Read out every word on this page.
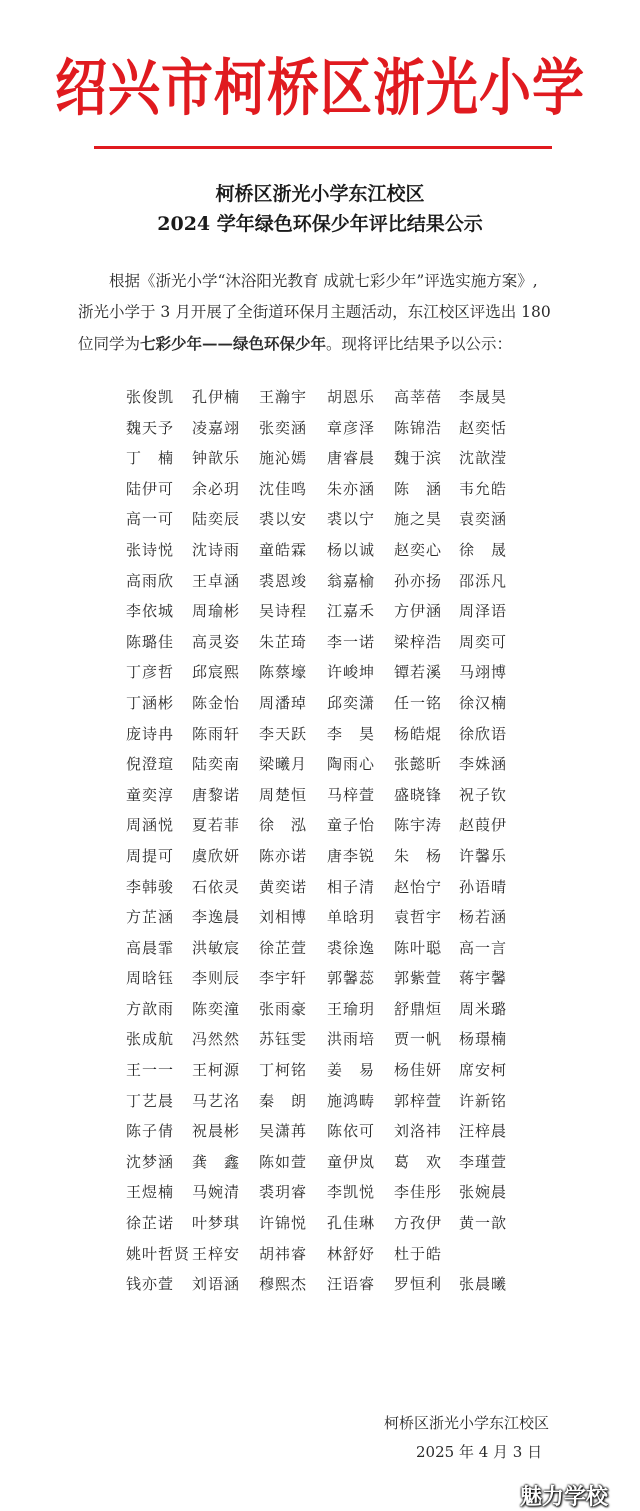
绍兴市柯桥区浙光小学
柯桥区浙光小学东江校区
2024 学年绿色环保少年评比结果公示

根据《浙光小学“沐浴阳光教育 成就七彩少年”评选实施方案》,

浙光小学于 3 月开展了全街道环保月主题活动，东江校区评选出 180

位同学为七彩少年——绿色环保少年。现将评比结果予以公示：

张俊凯 孔伊楠 王瀚宇 胡恩乐 高莘蓓 李晟昊
魏天予 凌嘉翊 张奕涵 章彦泽 陈锦浩 赵奕恬
丁　楠 钟歆乐 施沁嫣 唐睿晨 魏于滨 沈歆滢
陆伊可 余必玥 沈佳鸣 朱亦涵 陈　涵 韦允皓
高一可 陆奕辰 裘以安 裘以宁 施之昊 袁奕涵
张诗悦 沈诗雨 童皓霖 杨以诚 赵奕心 徐　晟
高雨欣 王卓涵 裘恩竣 翁嘉榆 孙亦扬 邵泺凡
李依城 周瑜彬 吴诗程 江嘉禾 方伊涵 周泽语
陈璐佳 高灵姿 朱芷琦 李一诺 梁梓浩 周奕可
丁彦哲 邱宸熙 陈蔡壕 许峻坤 镡若溪 马翊博
丁涵彬 陈金怡 周潘琸 邱奕潇 任一铭 徐汉楠
庞诗冉 陈雨轩 李天跃 李　昊 杨皓焜 徐欣语
倪澄瑄 陆奕南 梁曦月 陶雨心 张懿昕 李姝涵
童奕淳 唐黎诺 周楚恒 马梓萱 盛晓锋 祝子钦
周涵悦 夏若菲 徐　泓 童子怡 陈宇涛 赵葭伊
周提可 虞欣妍 陈亦诺 唐李锐 朱　杨 许馨乐
李韩骏 石依灵 黄奕诺 相子清 赵怡宁 孙语晴
方芷涵 李逸晨 刘相博 单晗玥 袁哲宇 杨若涵
高晨霏 洪敏宸 徐芷萱 裘徐逸 陈叶聪 高一言
周晗钰 李则辰 李宇轩 郭馨蕊 郭紫萱 蒋宇馨
方歆雨 陈奕潼 张雨豪 王瑜玥 舒鼎烜 周米璐
张成航 冯然然 苏钰雯 洪雨培 贾一帆 杨璟楠
王一一 王柯源 丁柯铭 姜　易 杨佳妍 席安柯
丁艺晨 马艺洺 秦　朗 施鸿畴 郭梓萱 许新铭
陈子倩 祝晨彬 吴潇苒 陈依可 刘洛祎 汪梓晨
沈梦涵 龚　鑫 陈如萱 童伊岚 葛　欢 李瑾萱
王煜楠 马婉清 裘玥睿 李凯悦 李佳彤 张婉晨
徐芷诺 叶梦琪 许锦悦 孔佳琳 方孜伊 黄一歆
姚叶哲贤 王梓安 胡祎睿 林舒妤 杜于皓
钱亦萱 刘语涵 穆熙杰 汪语睿 罗恒利 张晨曦
柯桥区浙光小学东江校区
2025 年 4 月 3 日
魅力学校
